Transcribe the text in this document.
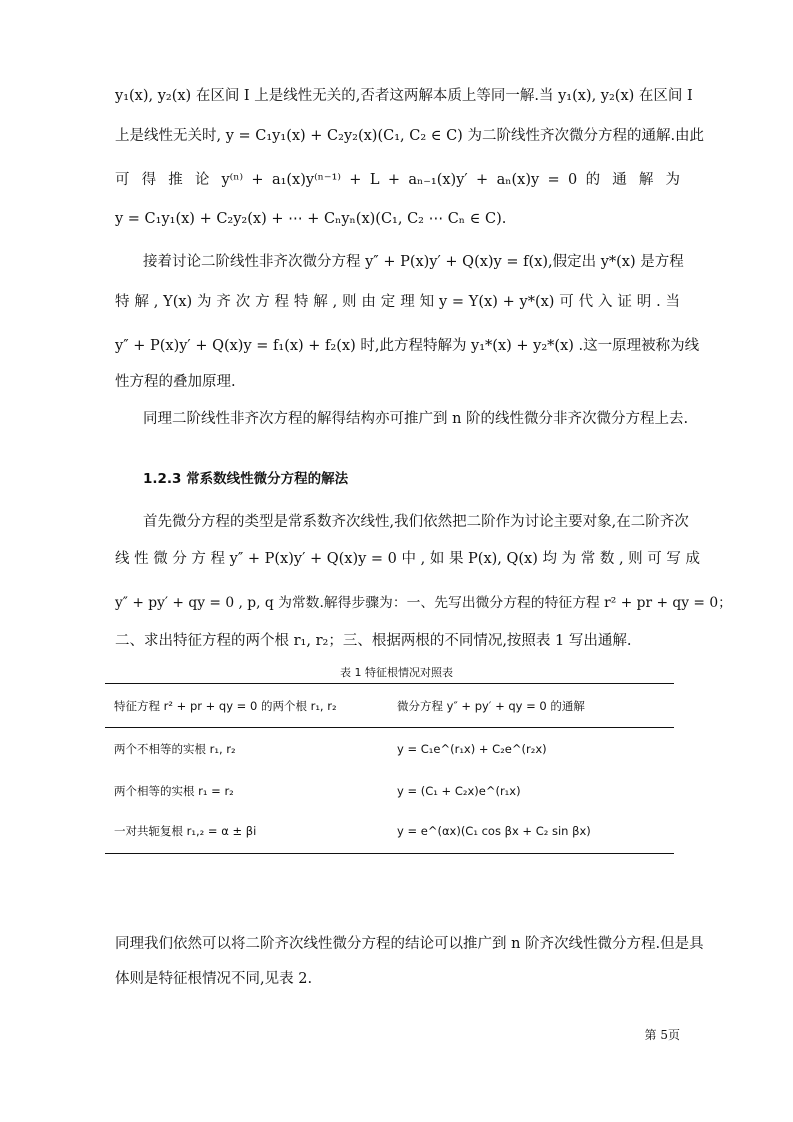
y₁(x), y₂(x) 在区间 I 上是线性无关的,否者这两解本质上等同一解.当 y₁(x), y₂(x) 在区间 I
上是线性无关时, y = C₁y₁(x) + C₂y₂(x)(C₁, C₂ ∈ C) 为二阶线性齐次微分方程的通解.由此
可 得 推 论 y⁽ⁿ⁾ + a₁(x)y⁽ⁿ⁻¹⁾ + L + aₙ₋₁(x)y′ + aₙ(x)y = 0 的 通 解 为
y = C₁y₁(x) + C₂y₂(x) + ⋯ + Cₙyₙ(x)(C₁, C₂ ⋯ Cₙ ∈ C).
接着讨论二阶线性非齐次微分方程 y″ + P(x)y′ + Q(x)y = f(x),假定出 y*(x) 是方程
特 解 , Y(x) 为 齐 次 方 程 特 解 , 则 由 定 理 知 y = Y(x) + y*(x) 可 代 入 证 明 . 当
y″ + P(x)y′ + Q(x)y = f₁(x) + f₂(x) 时,此方程特解为 y₁*(x) + y₂*(x) .这一原理被称为线
性方程的叠加原理.
同理二阶线性非齐次方程的解得结构亦可推广到 n 阶的线性微分非齐次微分方程上去.
1.2.3 常系数线性微分方程的解法
首先微分方程的类型是常系数齐次线性,我们依然把二阶作为讨论主要对象,在二阶齐次
线 性 微 分 方 程 y″ + P(x)y′ + Q(x)y = 0 中 , 如 果 P(x), Q(x) 均 为 常 数 , 则 可 写 成
y″ + py′ + qy = 0 , p, q 为常数.解得步骤为：一、先写出微分方程的特征方程 r² + pr + qy = 0；
二、求出特征方程的两个根 r₁, r₂；三、根据两根的不同情况,按照表 1 写出通解.
表 1 特征根情况对照表
特征方程 r² + pr + qy = 0 的两个根 r₁, r₂	微分方程 y″ + py′ + qy = 0 的通解
两个不相等的实根 r₁, r₂	y = C₁e^(r₁x) + C₂e^(r₂x)
两个相等的实根 r₁ = r₂	y = (C₁ + C₂x)e^(r₁x)
一对共轭复根 r₁,₂ = α ± βi	y = e^(αx)(C₁ cos βx + C₂ sin βx)
同理我们依然可以将二阶齐次线性微分方程的结论可以推广到 n 阶齐次线性微分方程.但是具
体则是特征根情况不同,见表 2.
第 5页
